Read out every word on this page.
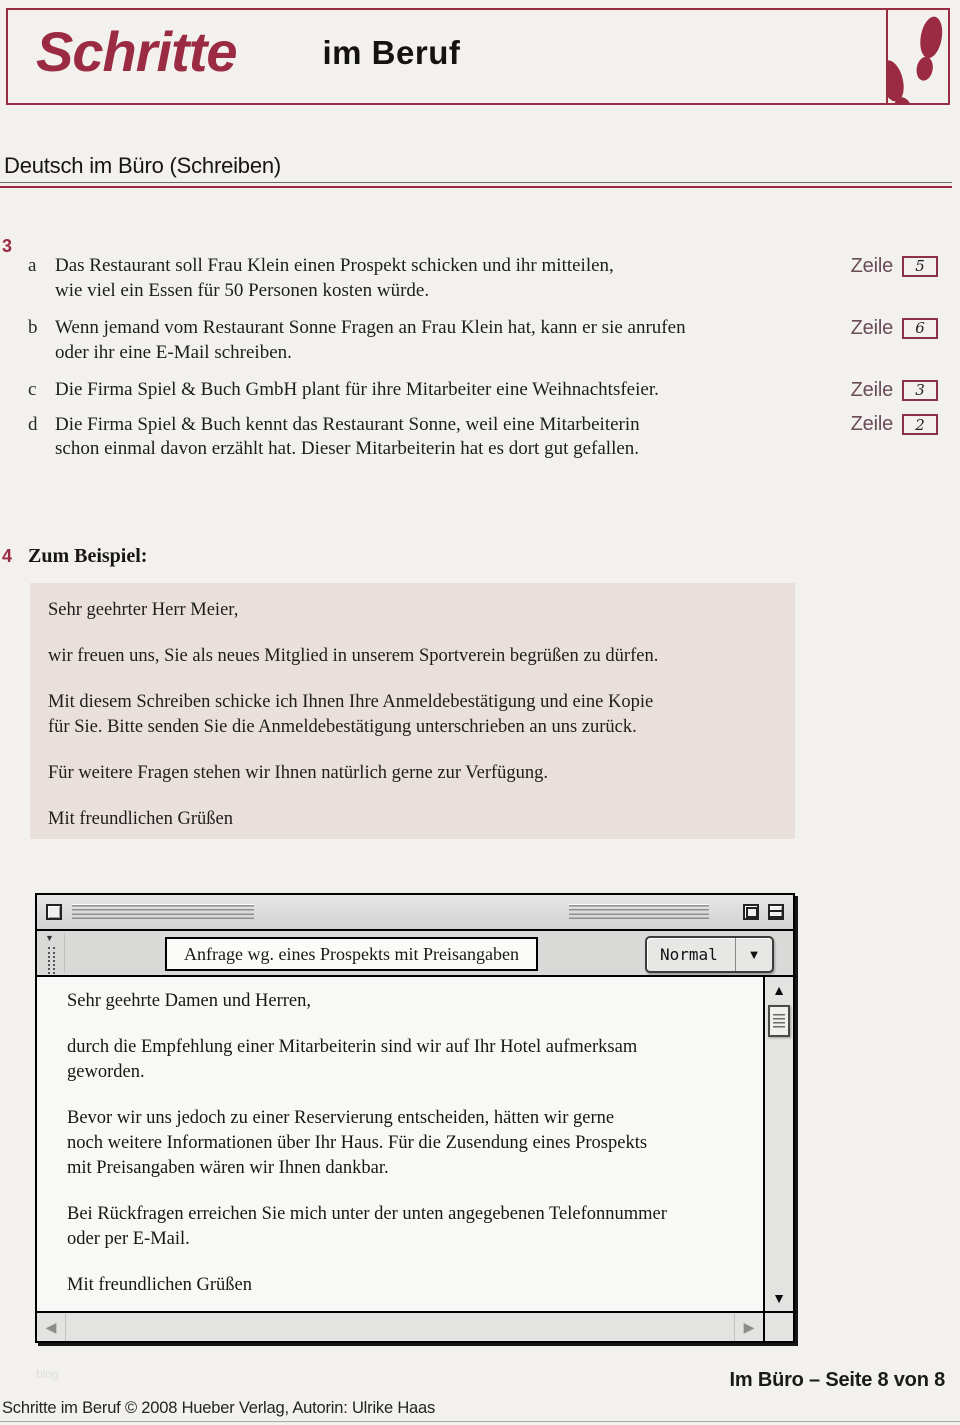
Schritte	im Beruf
Deutsch im Büro (Schreiben)
3
a Das Restaurant soll Frau Klein einen Prospekt schicken und ihr mitteilen,
wie viel ein Essen für 50 Personen kosten würde.
Zeile	5
b Wenn jemand vom Restaurant Sonne Fragen an Frau Klein hat, kann er sie anrufen
oder ihr eine E-Mail schreiben.
Zeile	6
c Die Firma Spiel & Buch GmbH plant für ihre Mitarbeiter eine Weihnachtsfeier.	Zeile	3
d Die Firma Spiel & Buch kennt das Restaurant Sonne, weil eine Mitarbeiterin
schon einmal davon erzählt hat. Dieser Mitarbeiterin hat es dort gut gefallen.
Zeile	2
4 Zum Beispiel:

Sehr geehrter Herr Meier,

wir freuen uns, Sie als neues Mitglied in unserem Sportverein begrüßen zu dürfen.

Mit diesem Schreiben schicke ich Ihnen Ihre Anmeldebestätigung und eine Kopie
für Sie. Bitte senden Sie die Anmeldebestätigung unterschrieben an uns zurück.

Für weitere Fragen stehen wir Ihnen natürlich gerne zur Verfügung.

Mit freundlichen Grüßen

▼
Anfrage wg. eines Prospekts mit Preisangaben	Normal	▼

Sehr geehrte Damen und Herren,

durch die Empfehlung einer Mitarbeiterin sind wir auf Ihr Hotel aufmerksam
geworden.

Bevor wir uns jedoch zu einer Reservierung entscheiden, hätten wir gerne
noch weitere Informationen über Ihr Haus. Für die Zusendung eines Prospekts
mit Preisangaben wären wir Ihnen dankbar.

Bei Rückfragen erreichen Sie mich unter der unten angegebenen Telefonnummer
oder per E-Mail.

Mit freundlichen Grüßen

▲
▼
◀	▶
blog	Im Büro – Seite 8 von 8
Schritte im Beruf © 2008 Hueber Verlag, Autorin: Ulrike Haas
